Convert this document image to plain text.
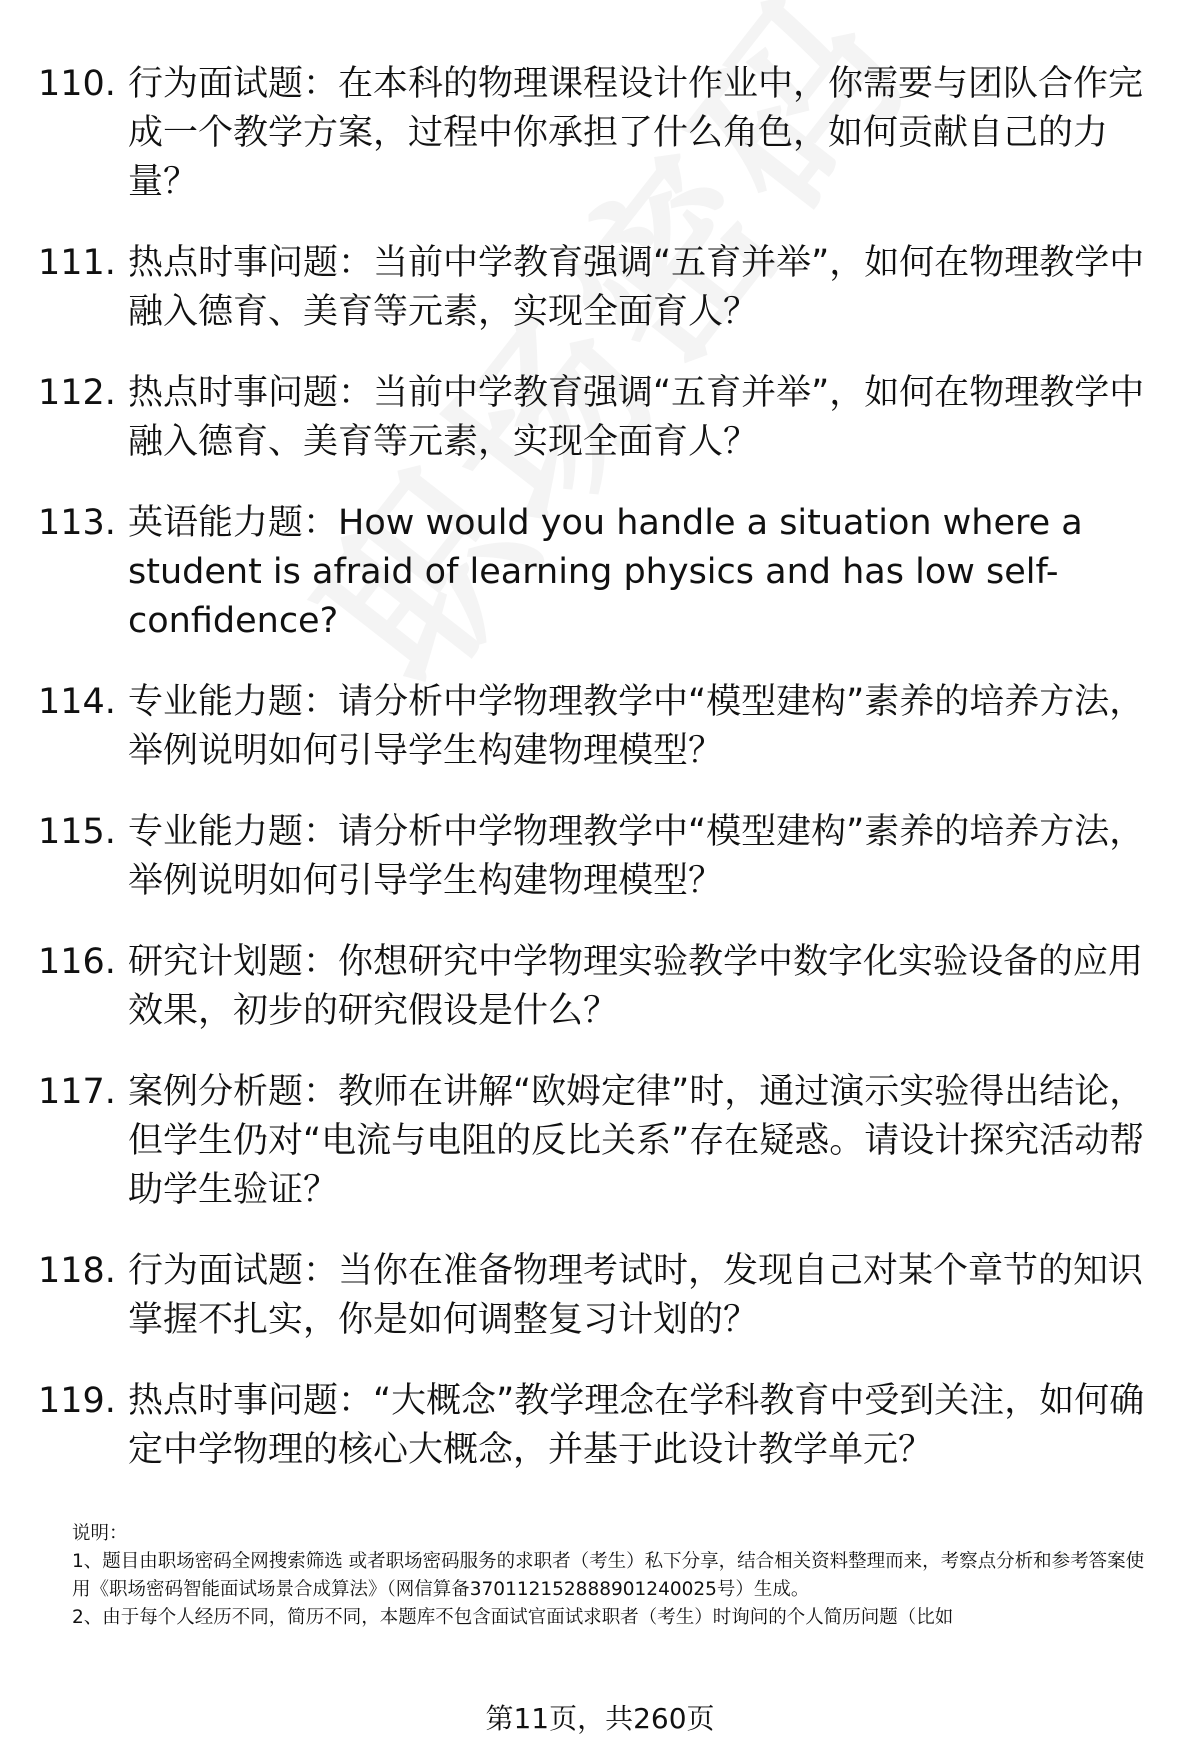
110. 行为面试题：在本科的物理课程设计作业中，你需要与团队合作完成一个教学方案，过程中你承担了什么角色，如何贡献自己的力量？
111. 热点时事问题：当前中学教育强调“五育并举”，如何在物理教学中融入德育、美育等元素，实现全面育人？
112. 热点时事问题：当前中学教育强调“五育并举”，如何在物理教学中融入德育、美育等元素，实现全面育人？
113. 英语能力题：How would you handle a situation where a student is afraid of learning physics and has low self-confidence?
114. 专业能力题：请分析中学物理教学中“模型建构”素养的培养方法，举例说明如何引导学生构建物理模型？
115. 专业能力题：请分析中学物理教学中“模型建构”素养的培养方法，举例说明如何引导学生构建物理模型？
116. 研究计划题：你想研究中学物理实验教学中数字化实验设备的应用效果，初步的研究假设是什么？
117. 案例分析题：教师在讲解“欧姆定律”时，通过演示实验得出结论，但学生仍对“电流与电阻的反比关系”存在疑惑。请设计探究活动帮助学生验证？
118. 行为面试题：当你在准备物理考试时，发现自己对某个章节的知识掌握不扎实，你是如何调整复习计划的？
119. 热点时事问题：“大概念”教学理念在学科教育中受到关注，如何确定中学物理的核心大概念，并基于此设计教学单元？

说明：

1、题目由职场密码全网搜索筛选 或者职场密码服务的求职者（考生）私下分享，结合相关资料整理而来，考察点分析和参考答案使用《职场密码智能面试场景合成算法》（网信算备370112152888901240025号）生成。

2、由于每个人经历不同，简历不同，本题库不包含面试官面试求职者（考生）时询问的个人简历问题（比如

第11页，共260页
